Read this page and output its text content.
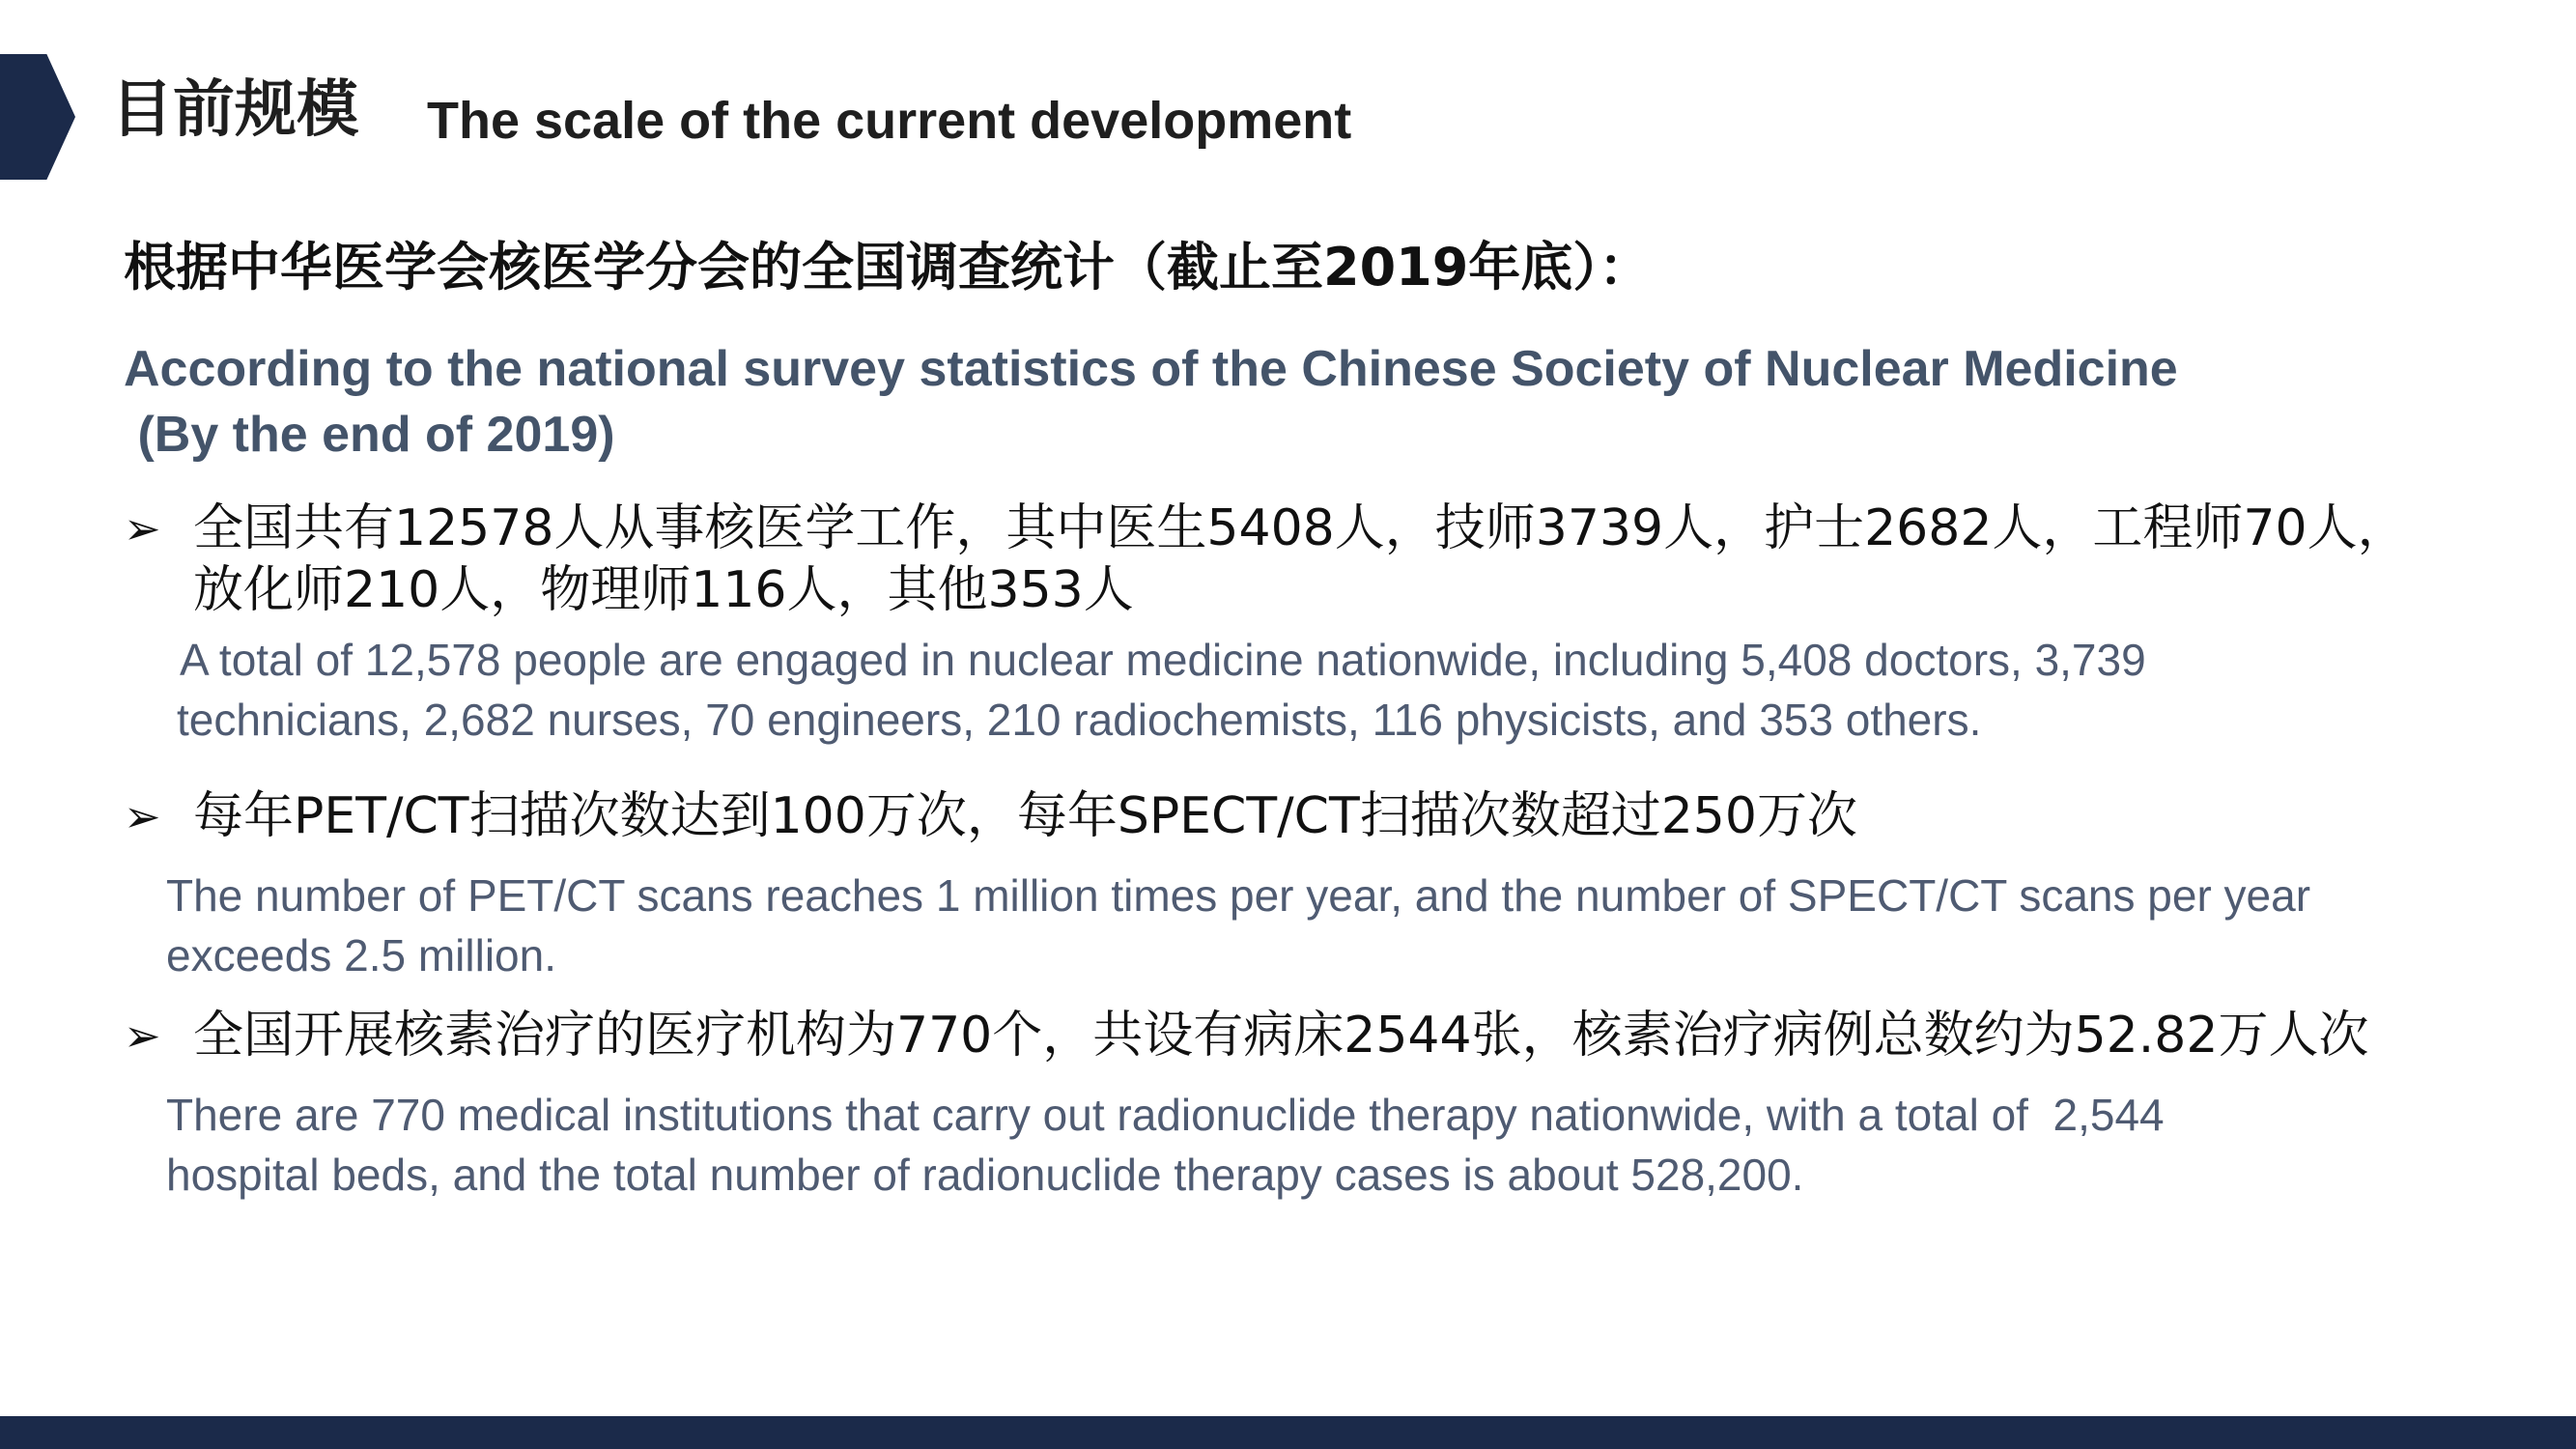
目前规模 The scale of the current development
根据中华医学会核医学分会的全国调查统计（截止至2019年底）：
According to the national survey statistics of the Chinese Society of Nuclear Medicine
(By the end of 2019)
➢ 全国共有12578人从事核医学工作，其中医生5408人，技师3739人，护士2682人，工程师70人，
放化师210人，物理师116人，其他353人
A total of 12,578 people are engaged in nuclear medicine nationwide, including 5,408 doctors, 3,739
technicians, 2,682 nurses, 70 engineers, 210 radiochemists, 116 physicists, and 353 others.
➢ 每年PET/CT扫描次数达到100万次，每年SPECT/CT扫描次数超过250万次
The number of PET/CT scans reaches 1 million times per year, and the number of SPECT/CT scans per year
exceeds 2.5 million.
➢ 全国开展核素治疗的医疗机构为770个，共设有病床2544张，核素治疗病例总数约为52.82万人次
There are 770 medical institutions that carry out radionuclide therapy nationwide, with a total of  2,544
hospital beds, and the total number of radionuclide therapy cases is about 528,200.
